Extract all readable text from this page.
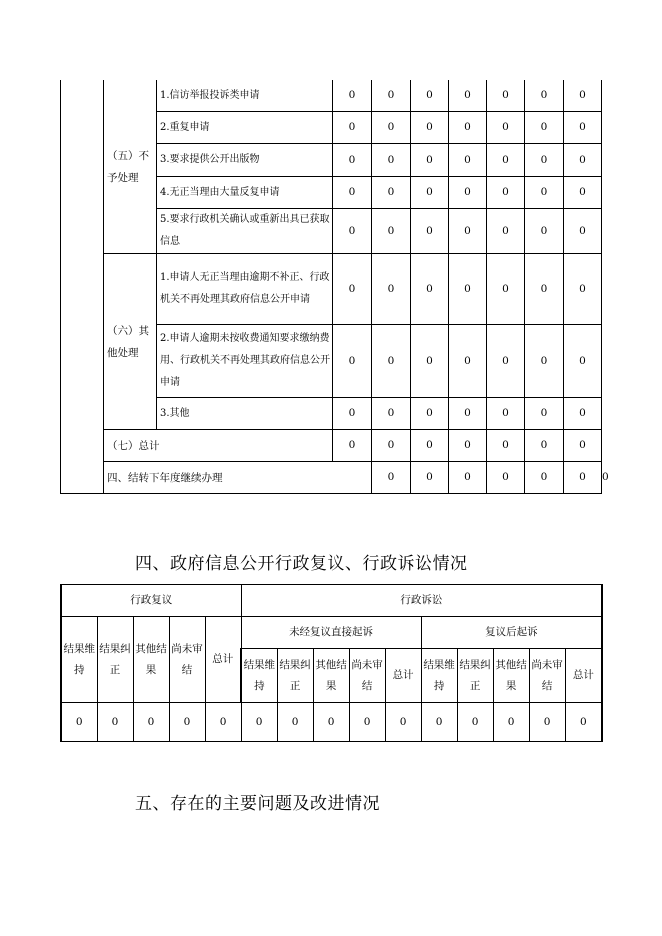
	（五）不予处理	1.信访举报投诉类申请	0	0	0	0	0	0	0	
		2.重复申请	0	0	0	0	0	0	0	
		3.要求提供公开出版物	0	0	0	0	0	0	0	
		4.无正当理由大量反复申请	0	0	0	0	0	0	0	
		5.要求行政机关确认或重新出具已获取信息	0	0	0	0	0	0	0	
	（六）其他处理	1.申请人无正当理由逾期不补正、行政机关不再处理其政府信息公开申请	0	0	0	0	0	0	0	
		2.申请人逾期未按收费通知要求缴纳费用、行政机关不再处理其政府信息公开申请	0	0	0	0	0	0	0	
		3.其他	0	0	0	0	0	0	0	
	（七）总计		0	0	0	0	0	0	0	
	四、结转下年度继续办理			0	0	0	0	0	0	0
四、政府信息公开行政复议、行政诉讼情况
行政复议					行政诉讼									
结果维持	结果纠正	其他结果	尚未审结	总计	未经复议直接起诉					复议后起诉				
					结果维持	结果纠正	其他结果	尚未审结	总计	结果维持	结果纠正	其他结果	尚未审结	总计
0	0	0	0	0	0	0	0	0	0	0	0	0	0	0
五、存在的主要问题及改进情况
